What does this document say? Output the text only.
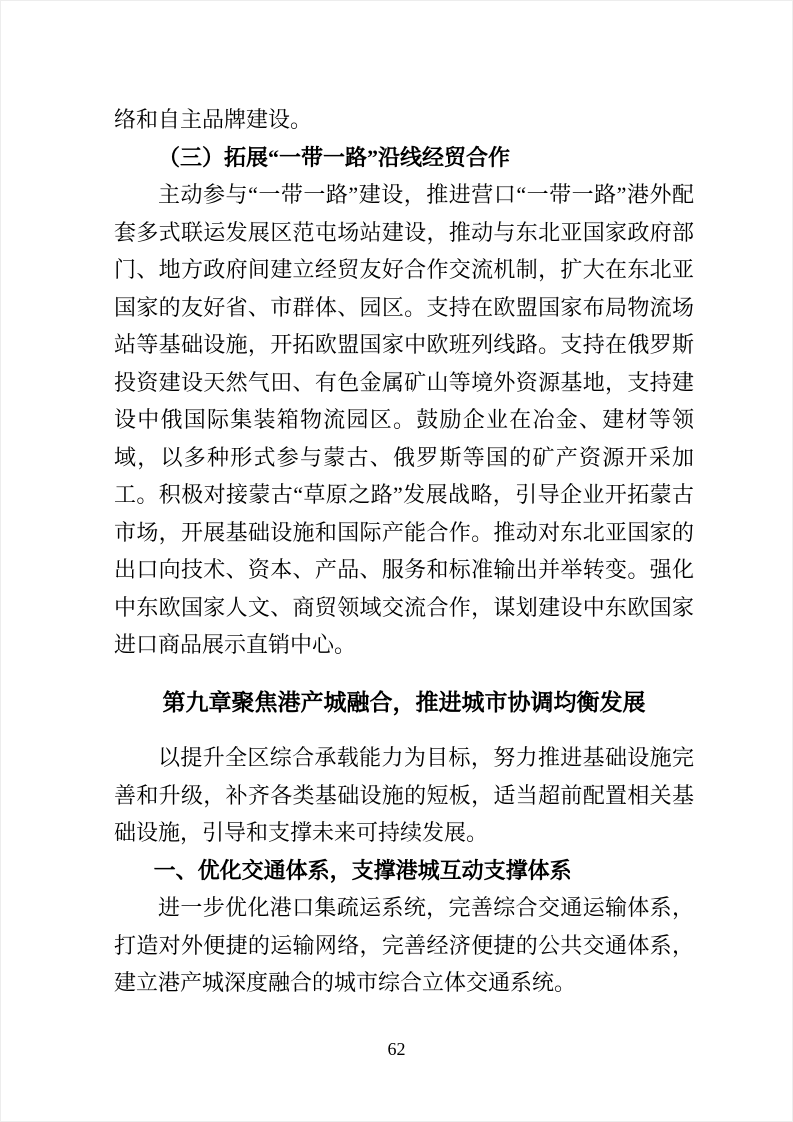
络和自主品牌建设。

（三）拓展“一带一路”沿线经贸合作

主动参与“一带一路”建设，推进营口“一带一路”港外配套多式联运发展区范屯场站建设，推动与东北亚国家政府部门、地方政府间建立经贸友好合作交流机制，扩大在东北亚国家的友好省、市群体、园区。支持在欧盟国家布局物流场站等基础设施，开拓欧盟国家中欧班列线路。支持在俄罗斯投资建设天然气田、有色金属矿山等境外资源基地，支持建设中俄国际集装箱物流园区。鼓励企业在冶金、建材等领域，以多种形式参与蒙古、俄罗斯等国的矿产资源开采加工。积极对接蒙古“草原之路”发展战略，引导企业开拓蒙古市场，开展基础设施和国际产能合作。推动对东北亚国家的出口向技术、资本、产品、服务和标准输出并举转变。强化中东欧国家人文、商贸领域交流合作，谋划建设中东欧国家进口商品展示直销中心。

第九章聚焦港产城融合，推进城市协调均衡发展

以提升全区综合承载能力为目标，努力推进基础设施完善和升级，补齐各类基础设施的短板，适当超前配置相关基础设施，引导和支撑未来可持续发展。

一、优化交通体系，支撑港城互动支撑体系

进一步优化港口集疏运系统，完善综合交通运输体系，打造对外便捷的运输网络，完善经济便捷的公共交通体系，建立港产城深度融合的城市综合立体交通系统。

62
